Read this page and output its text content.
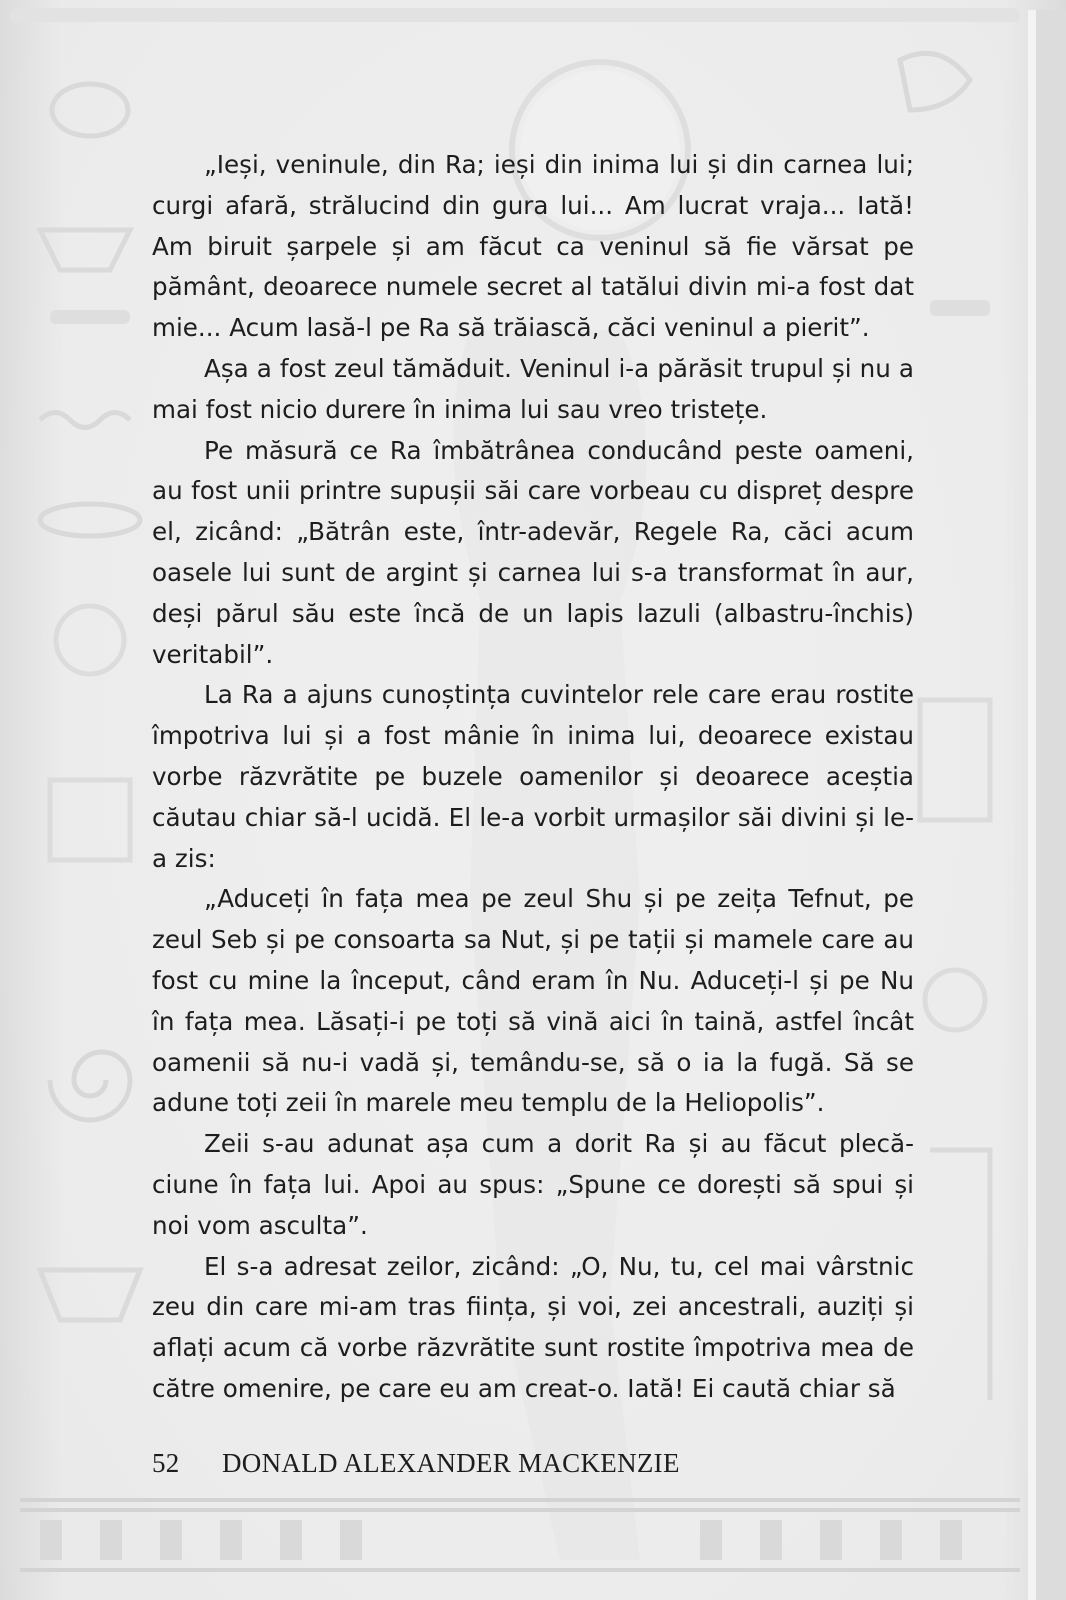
„Ieși, veninule, din Ra; ieși din inima lui și din carnea lui; curgi afară, strălucind din gura lui... Am lucrat vraja... Iată! Am biruit șarpele și am făcut ca veninul să fie vărsat pe pământ, deoarece numele secret al tatălui divin mi-a fost dat mie... Acum lasă-l pe Ra să trăiască, căci veninul a pierit”.

Așa a fost zeul tămăduit. Veninul i-a părăsit trupul și nu a mai fost nicio durere în inima lui sau vreo tristețe.

Pe măsură ce Ra îmbătrânea conducând peste oameni, au fost unii printre supușii săi care vorbeau cu dispreț despre el, zicând: „Bătrân este, într-adevăr, Regele Ra, căci acum oasele lui sunt de argint și carnea lui s-a transformat în aur, deși părul său este încă de un lapis lazuli (albastru-închis) veritabil”.

La Ra a ajuns cunoștința cuvintelor rele care erau rostite împotriva lui și a fost mânie în inima lui, deoarece existau vorbe răzvrătite pe buzele oamenilor și deoarece aceștia căutau chiar să-l ucidă. El le-a vorbit urmașilor săi divini și le-a zis:

„Aduceți în fața mea pe zeul Shu și pe zeița Tefnut, pe zeul Seb și pe consoarta sa Nut, și pe tații și mamele care au fost cu mine la început, când eram în Nu. Aduceți-l și pe Nu în fața mea. Lăsați-i pe toți să vină aici în taină, astfel încât oamenii să nu-i vadă și, temându-se, să o ia la fugă. Să se adune toți zeii în marele meu templu de la Heliopolis”.

Zeii s-au adunat așa cum a dorit Ra și au făcut plecăciune în fața lui. Apoi au spus: „Spune ce dorești să spui și noi vom asculta”.

El s-a adresat zeilor, zicând: „O, Nu, tu, cel mai vârstnic zeu din care mi-am tras ființa, și voi, zei ancestrali, auziți și aflați acum că vorbe răzvrătite sunt rostite împotriva mea de către omenire, pe care eu am creat-o. Iată! Ei caută chiar să

52 DONALD ALEXANDER MACKENZIE
